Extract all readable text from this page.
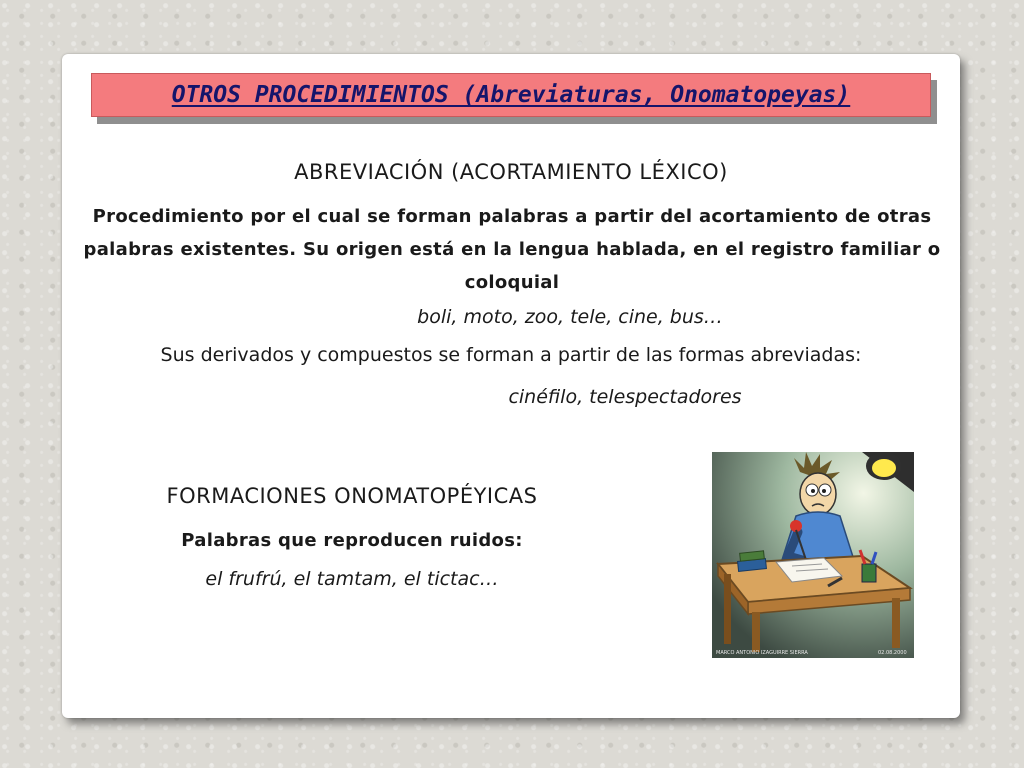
OTROS PROCEDIMIENTOS (Abreviaturas, Onomatopeyas)
ABREVIACIÓN (ACORTAMIENTO LÉXICO)
Procedimiento por el cual se forman palabras a partir del acortamiento de otras palabras existentes. Su origen está en la lengua hablada, en el registro familiar o coloquial
boli, moto, zoo, tele, cine, bus…
Sus derivados y compuestos se forman a partir de las formas abreviadas:
cinéfilo, telespectadores
FORMACIONES ONOMATOPÉYICAS
Palabras que reproducen ruidos:
el frufrú, el tamtam, el tictac…
MARCO ANTONIO IZAGUIRRE SIERRA	02.08.2000
